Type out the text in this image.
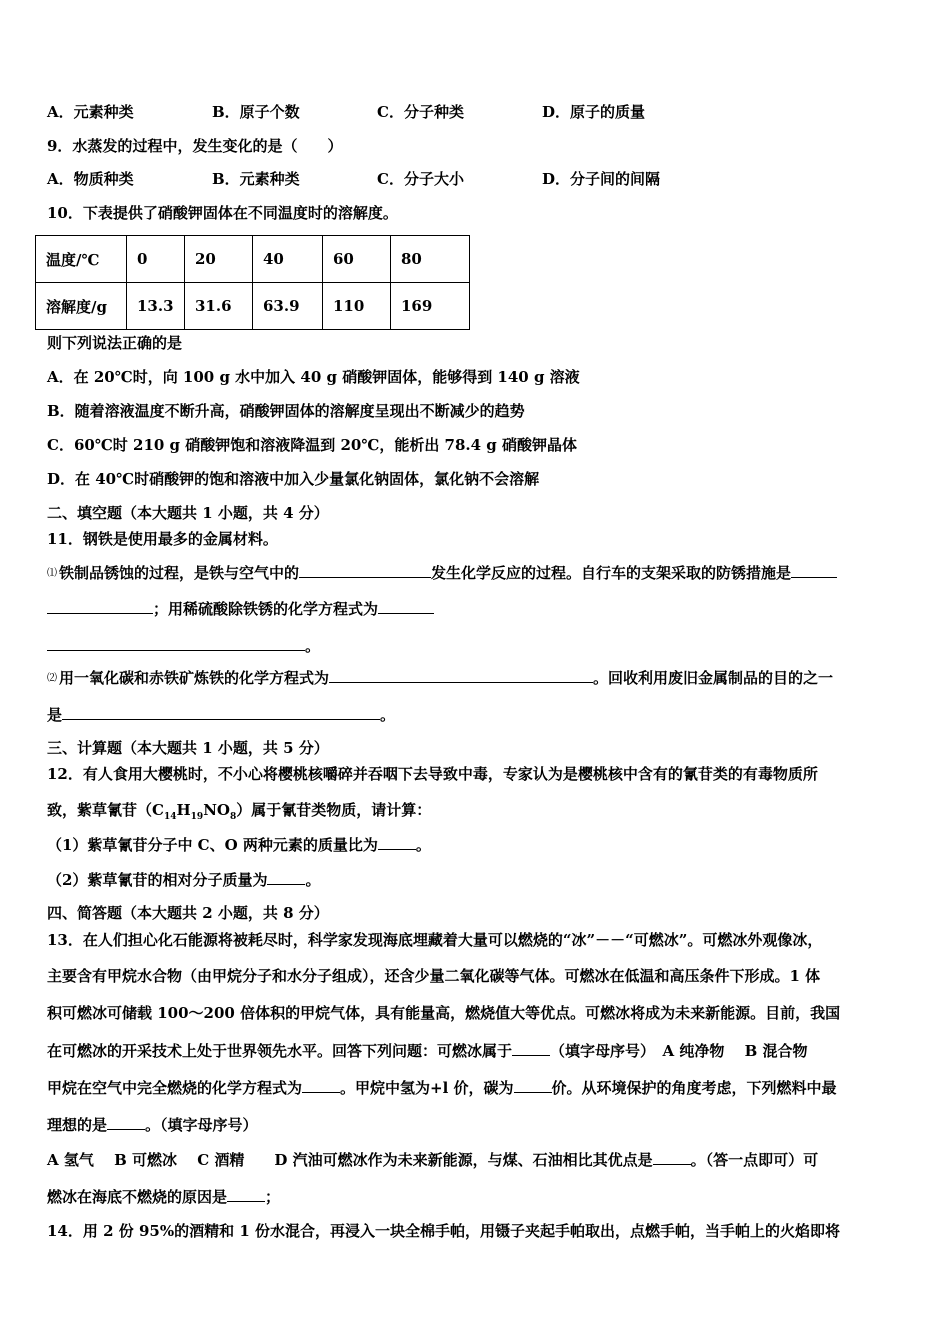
A．元素种类	B．原子个数	C．分子种类	D．原子的质量
9．水蒸发的过程中，发生变化的是（　　）
A．物质种类	B．元素种类	C．分子大小	D．分子间的间隔
10．下表提供了硝酸钾固体在不同温度时的溶解度。
温度/℃	0	20	40	60	80
溶解度/g	13.3	31.6	63.9	110	169
则下列说法正确的是
A．在 20℃时，向 100 g 水中加入 40 g 硝酸钾固体，能够得到 140 g 溶液
B．随着溶液温度不断升高，硝酸钾固体的溶解度呈现出不断减少的趋势
C．60℃时 210 g 硝酸钾饱和溶液降温到 20℃，能析出 78.4 g 硝酸钾晶体
D．在 40℃时硝酸钾的饱和溶液中加入少量氯化钠固体，氯化钠不会溶解
二、填空题（本大题共 1 小题，共 4 分）
11．钢铁是使用最多的金属材料。
⑴ 铁制品锈蚀的过程，是铁与空气中的	发生化学反应的过程。自行车的支架采取的防锈措施是
；用稀硫酸除铁锈的化学方程式为
。
⑵ 用一氧化碳和赤铁矿炼铁的化学方程式为	。回收利用废旧金属制品的目的之一
是	。
三、计算题（本大题共 1 小题，共 5 分）
12．有人食用大樱桃时，不小心将樱桃核嚼碎并吞咽下去导致中毒，专家认为是樱桃核中含有的氰苷类的有毒物质所
致，紫草氰苷$(C_{14}H_{19}NO_8)$属于氰苷类物质，请计算：
（1）紫草氰苷分子中 C、O 两种元素的质量比为	。
（2）紫草氰苷的相对分子质量为	。
四、简答题（本大题共 2 小题，共 8 分）
13．在人们担心化石能源将被耗尽时，科学家发现海底埋藏着大量可以燃烧的“冰”－－“可燃冰”。可燃冰外观像冰，
主要含有甲烷水合物（由甲烷分子和水分子组成），还含少量二氧化碳等气体。可燃冰在低温和高压条件下形成。1 体
积可燃冰可储载 100～200 倍体积的甲烷气体，具有能量高，燃烧值大等优点。可燃冰将成为未来新能源。目前，我国
在可燃冰的开采技术上处于世界领先水平。回答下列问题：可燃冰属于	（填字母序号）　A 纯净物　 B 混合物
甲烷在空气中完全燃烧的化学方程式为	。甲烷中氢为+l 价，碳为	价。从环境保护的角度考虑，下列燃料中最
理想的是	。（填字母序号）
A 氢气　 B 可燃冰　 C 酒精　　D 汽油可燃冰作为未来新能源，与煤、石油相比其优点是	。（答一点即可）可
燃冰在海底不燃烧的原因是	；
14．用 2 份 95%的酒精和 1 份水混合，再浸入一块全棉手帕，用镊子夹起手帕取出，点燃手帕，当手帕上的火焰即将
